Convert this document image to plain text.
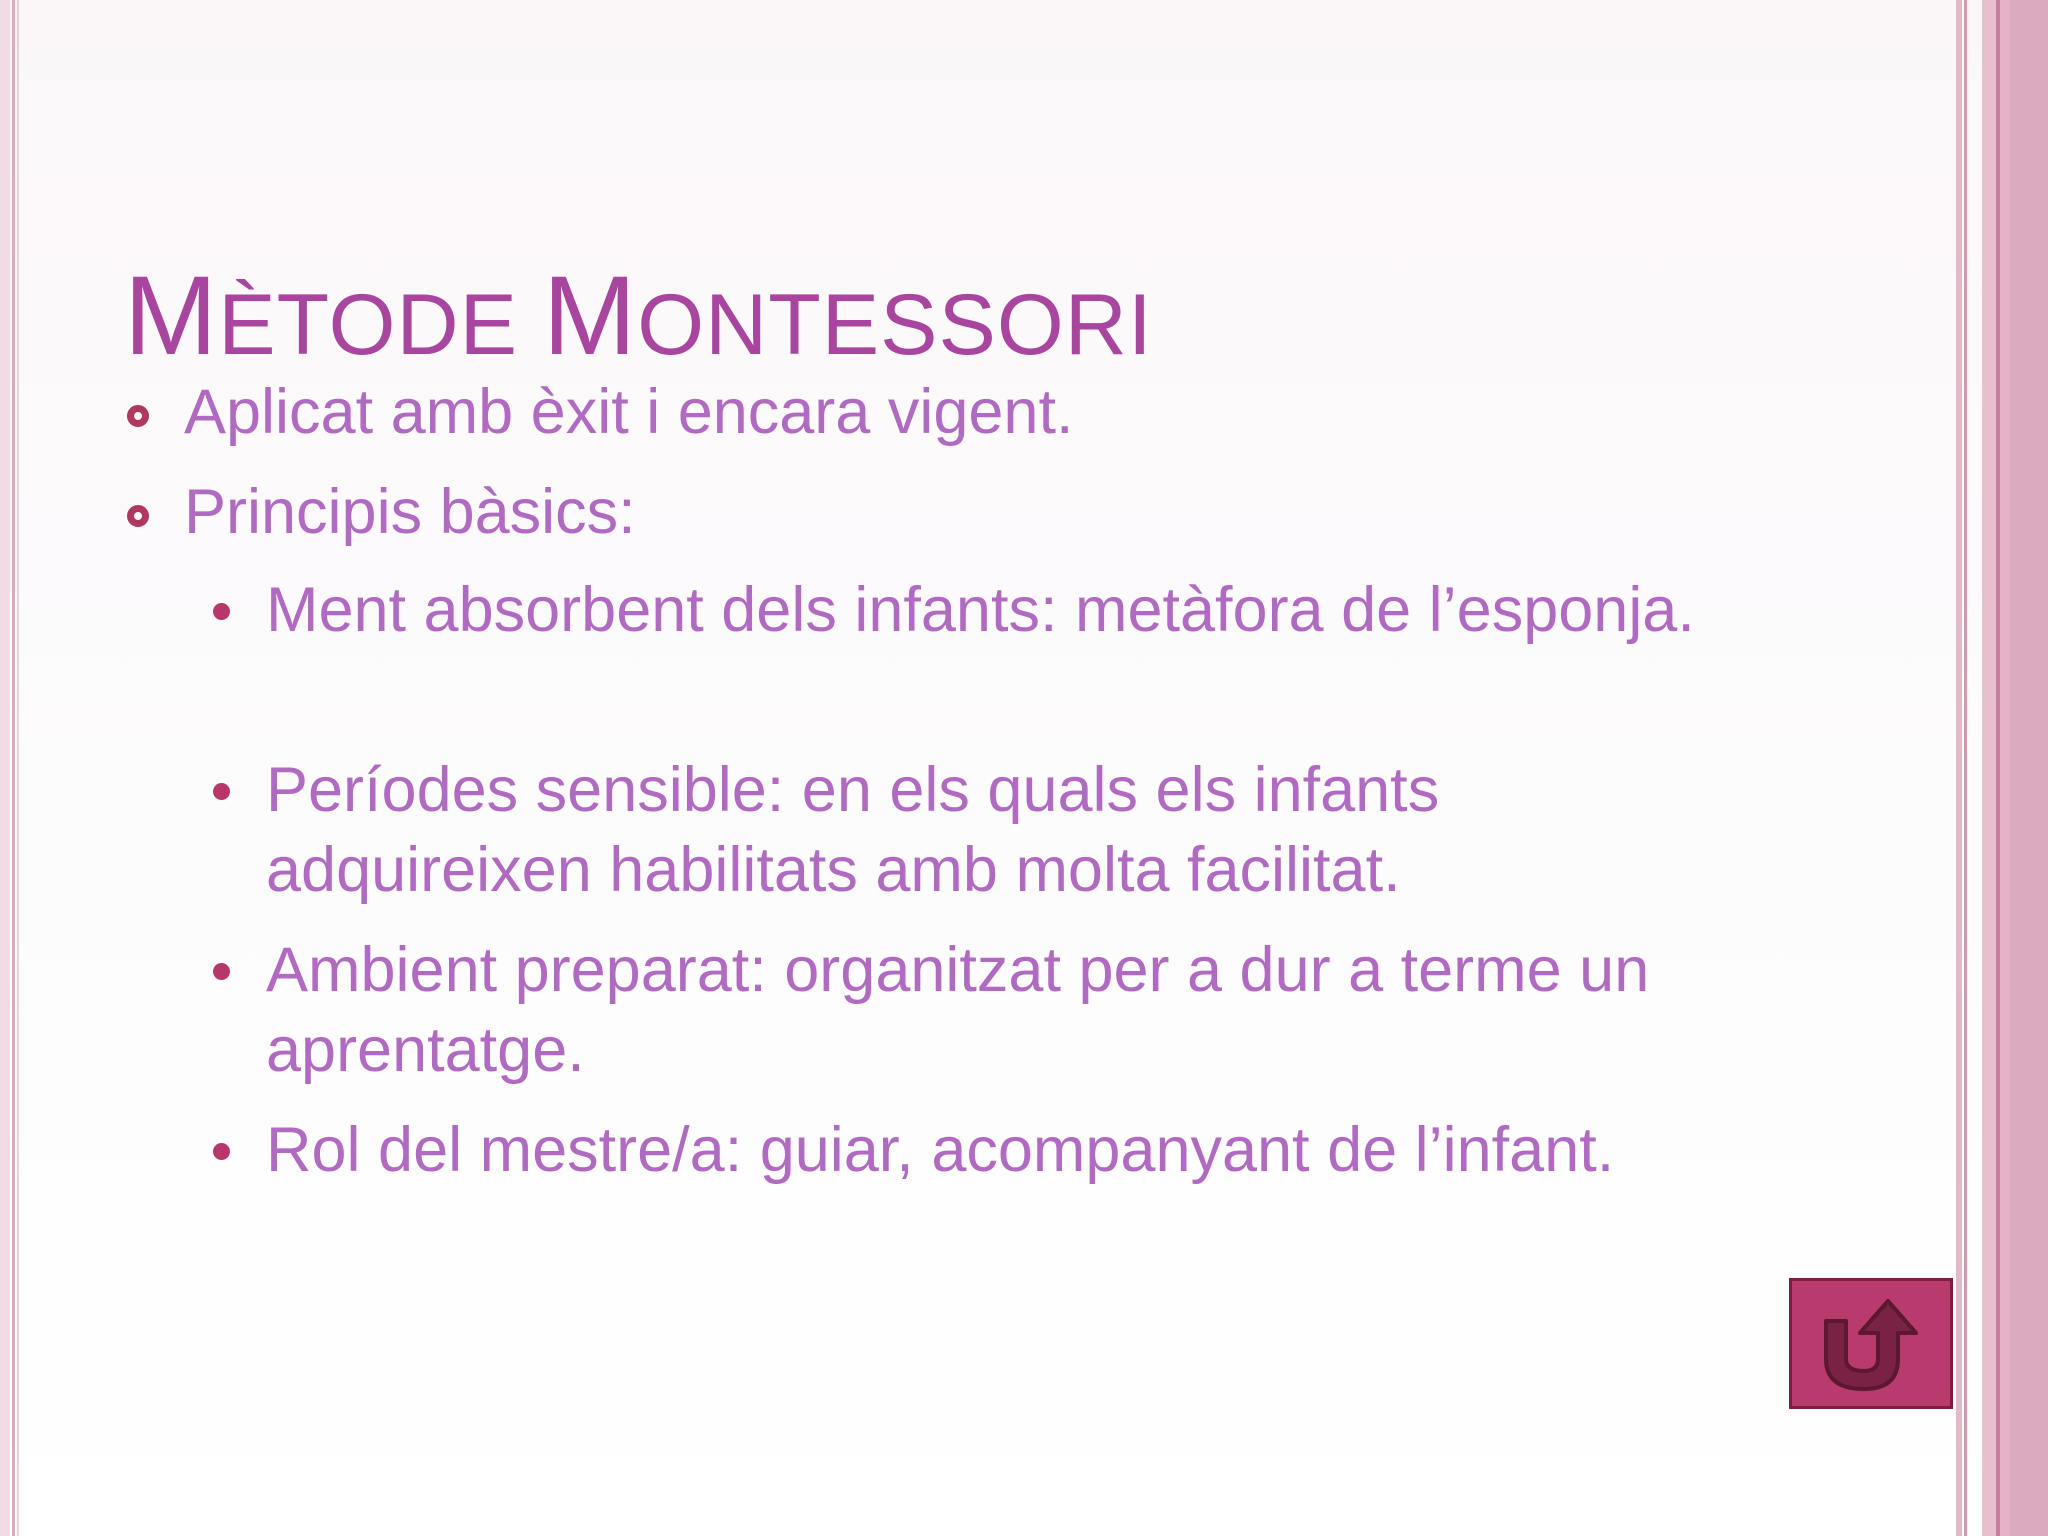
MÈTODE MONTESSORI
Aplicat amb èxit i encara vigent.
Principis bàsics:
Ment absorbent dels infants: metàfora de l’esponja.
Períodes sensible: en els quals els infants adquireixen habilitats amb molta facilitat.
Ambient preparat: organitzat per a dur a terme un aprentatge.
Rol del mestre/a: guiar, acompanyant de l’infant.
